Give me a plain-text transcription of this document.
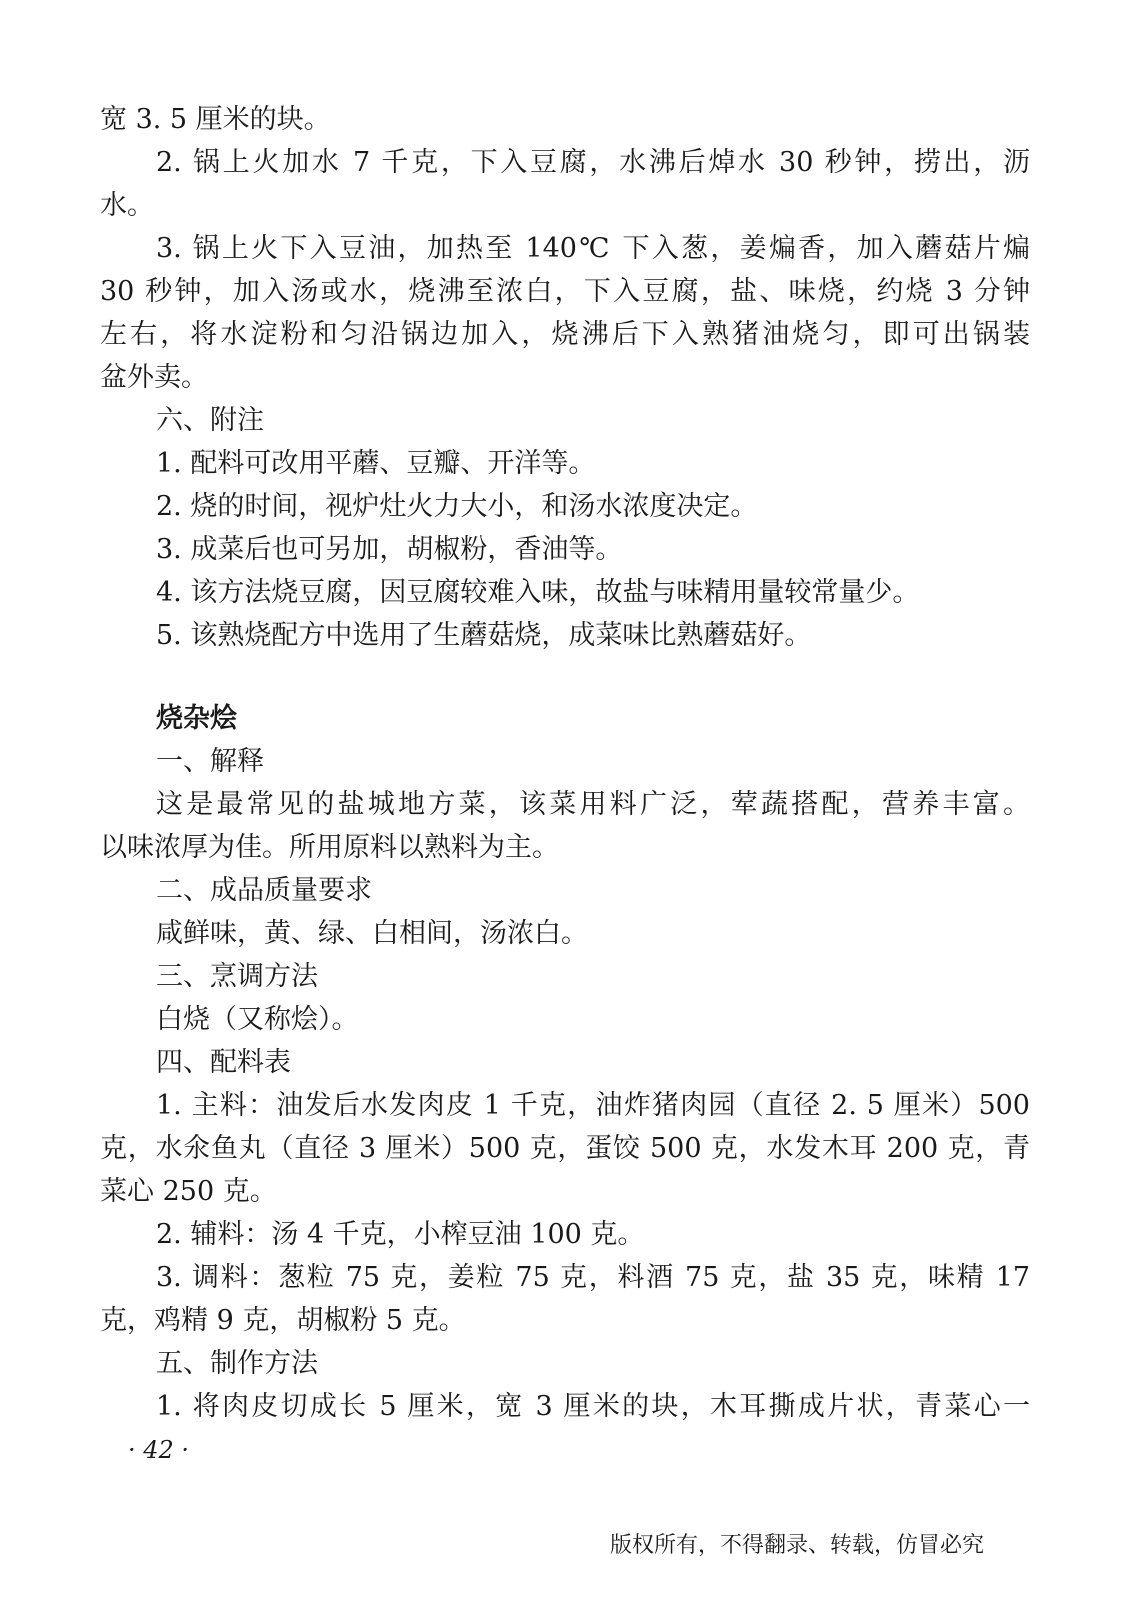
宽 3. 5 厘米的块。
2. 锅上火加水 7 千克，下入豆腐，水沸后焯水 30 秒钟，捞出，沥
水。
3. 锅上火下入豆油，加热至 140℃ 下入葱，姜煸香，加入蘑菇片煸
30 秒钟，加入汤或水，烧沸至浓白，下入豆腐，盐、味烧，约烧 3 分钟
左右，将水淀粉和匀沿锅边加入，烧沸后下入熟猪油烧匀，即可出锅装
盆外卖。
六、附注
1. 配料可改用平蘑、豆瓣、开洋等。
2. 烧的时间，视炉灶火力大小，和汤水浓度决定。
3. 成菜后也可另加，胡椒粉，香油等。
4. 该方法烧豆腐，因豆腐较难入味，故盐与味精用量较常量少。
5. 该熟烧配方中选用了生蘑菇烧，成菜味比熟蘑菇好。
烧杂烩
一、解释
这是最常见的盐城地方菜，该菜用料广泛，荤蔬搭配，营养丰富。
以味浓厚为佳。所用原料以熟料为主。
二、成品质量要求
咸鲜味，黄、绿、白相间，汤浓白。
三、烹调方法
白烧（又称烩）。
四、配料表
1. 主料：油发后水发肉皮 1 千克，油炸猪肉园（直径 2. 5 厘米）500
克，水氽鱼丸（直径 3 厘米）500 克，蛋饺 500 克，水发木耳 200 克，青
菜心 250 克。
2. 辅料：汤 4 千克，小榨豆油 100 克。
3. 调料：葱粒 75 克，姜粒 75 克，料酒 75 克，盐 35 克，味精 17
克，鸡精 9 克，胡椒粉 5 克。
五、制作方法
1. 将肉皮切成长 5 厘米，宽 3 厘米的块，木耳撕成片状，青菜心一
· 42 ·
版权所有，不得翻录、转载，仿冒必究
